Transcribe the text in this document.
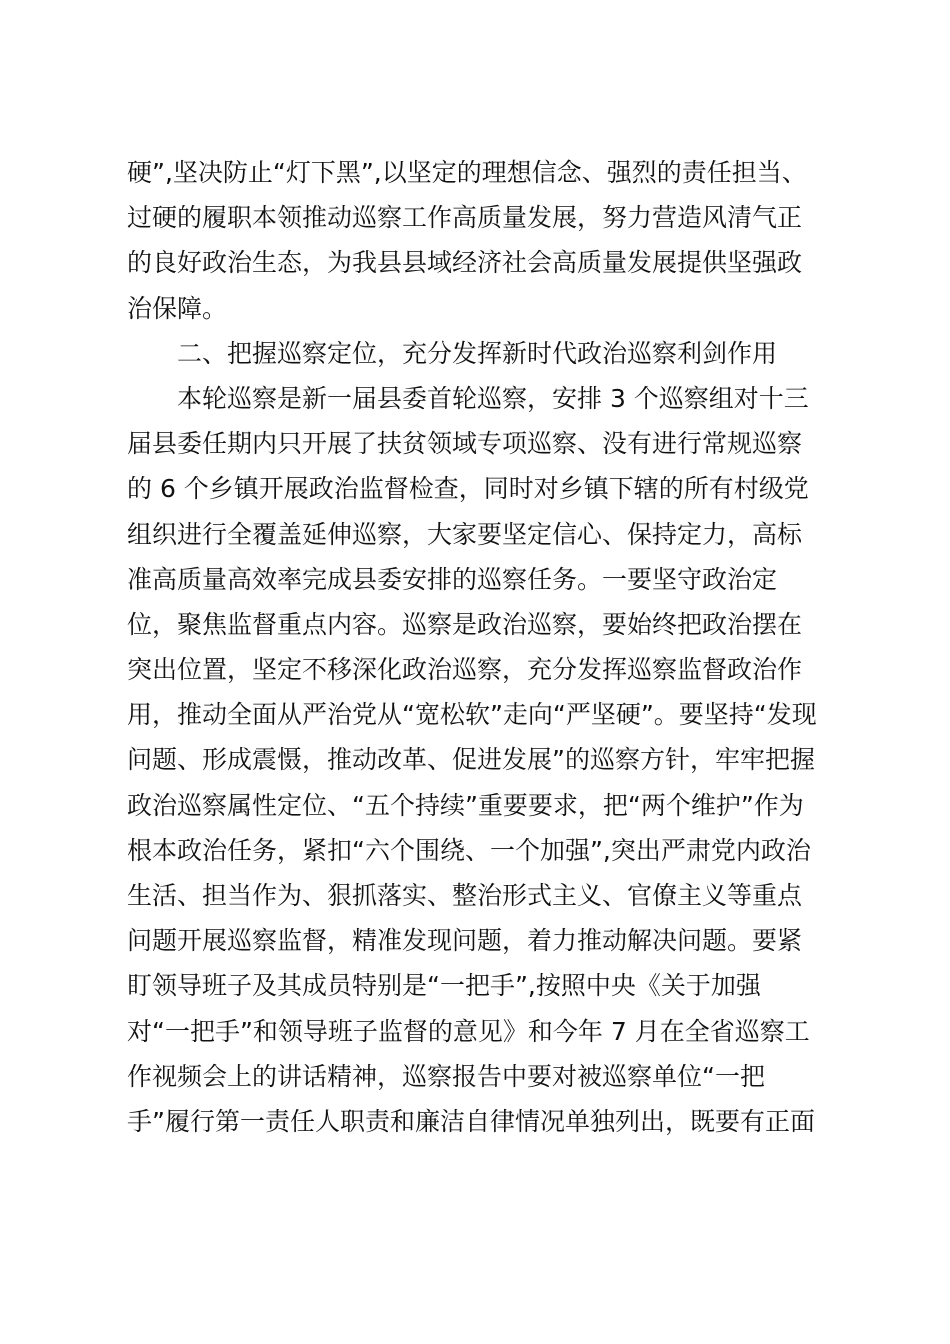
硬”,坚决防止“灯下黑”,以坚定的理想信念、强烈的责任担当、
过硬的履职本领推动巡察工作高质量发展，努力营造风清气正
的良好政治生态，为我县县域经济社会高质量发展提供坚强政
治保障。
二、把握巡察定位，充分发挥新时代政治巡察利剑作用
本轮巡察是新一届县委首轮巡察，安排 3 个巡察组对十三
届县委任期内只开展了扶贫领域专项巡察、没有进行常规巡察
的 6 个乡镇开展政治监督检查，同时对乡镇下辖的所有村级党
组织进行全覆盖延伸巡察，大家要坚定信心、保持定力，高标
准高质量高效率完成县委安排的巡察任务。一要坚守政治定
位，聚焦监督重点内容。巡察是政治巡察，要始终把政治摆在
突出位置，坚定不移深化政治巡察，充分发挥巡察监督政治作
用，推动全面从严治党从“宽松软”走向“严坚硬”。要坚持“发现
问题、形成震慑，推动改革、促进发展”的巡察方针，牢牢把握
政治巡察属性定位、“五个持续”重要要求，把“两个维护”作为
根本政治任务，紧扣“六个围绕、一个加强”,突出严肃党内政治
生活、担当作为、狠抓落实、整治形式主义、官僚主义等重点
问题开展巡察监督，精准发现问题，着力推动解决问题。要紧
盯领导班子及其成员特别是“一把手”,按照中央《关于加强
对“一把手”和领导班子监督的意见》和今年 7 月在全省巡察工
作视频会上的讲话精神，巡察报告中要对被巡察单位“一把
手”履行第一责任人职责和廉洁自律情况单独列出，既要有正面
